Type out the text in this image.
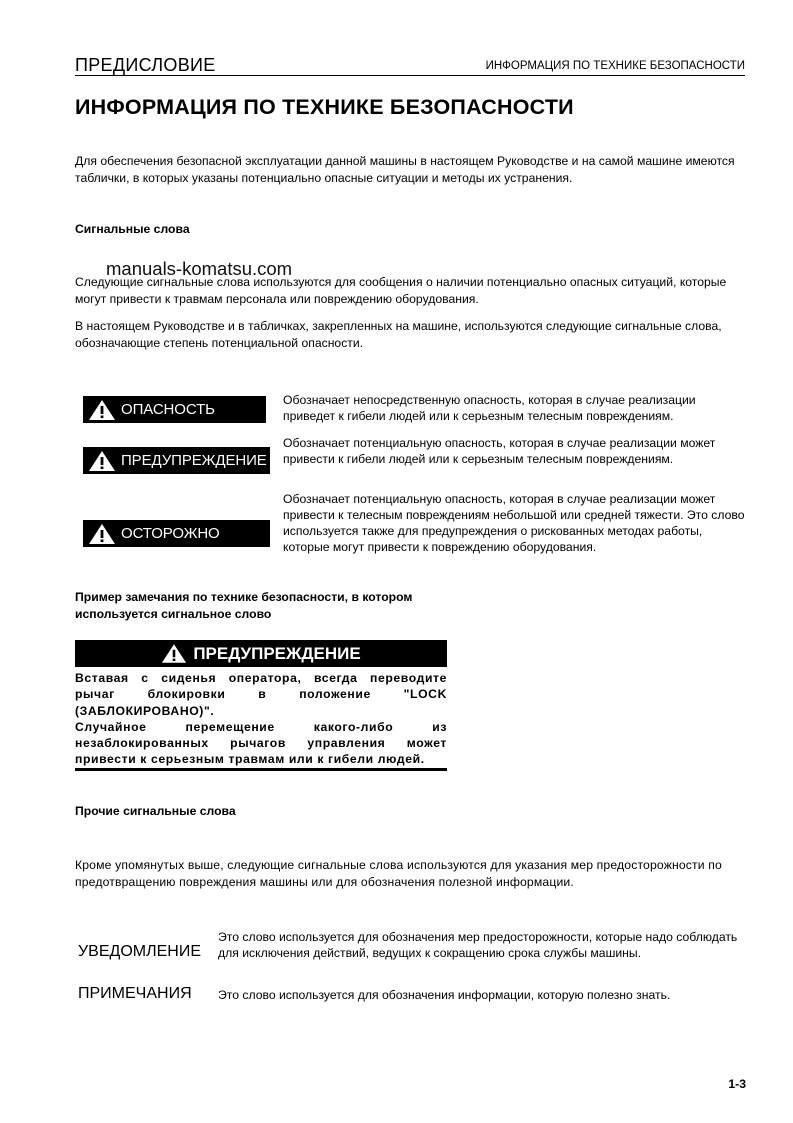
ПРЕДИСЛОВИЕ	ИНФОРМАЦИЯ ПО ТЕХНИКЕ БЕЗОПАСНОСТИ
ИНФОРМАЦИЯ ПО ТЕХНИКЕ БЕЗОПАСНОСТИ
Для обеспечения безопасной эксплуатации данной машины в настоящем Руководстве и на самой машине имеются таблички, в которых указаны потенциально опасные ситуации и методы их устранения.
Сигнальные слова
Следующие сигнальные слова используются для сообщения о наличии потенциально опасных ситуаций, которые могут привести к травмам персонала или повреждению оборудования.
manuals-komatsu.com
В настоящем Руководстве и в табличках, закрепленных на машине, используются следующие сигнальные слова, обозначающие степень потенциальной опасности.
ОПАСНОСТЬ
Обозначает непосредственную опасность, которая в случае реализации приведет к гибели людей или к серьезным телесным повреждениям.
ПРЕДУПРЕЖДЕНИЕ
Обозначает потенциальную опасность, которая в случае реализации может привести к гибели людей или к серьезным телесным повреждениям.
ОСТОРОЖНО
Обозначает потенциальную опасность, которая в случае реализации может привести к телесным повреждениям небольшой или средней тяжести. Это слово используется также для предупреждения о рискованных методах работы, которые могут привести к повреждению оборудования.
Пример замечания по технике безопасности, в котором используется сигнальное слово
ПРЕДУПРЕЖДЕНИЕ
Вставая с сиденья оператора, всегда переводите рычаг блокировки в положение "LOCK (ЗАБЛОКИРОВАНО)".
Случайное перемещение какого-либо из незаблокированных рычагов управления может привести к серьезным травмам или к гибели людей.
Прочие сигнальные слова
Кроме упомянутых выше, следующие сигнальные слова используются для указания мер предосторожности по предотвращению повреждения машины или для обозначения полезной информации.
УВЕДОМЛЕНИЕ
Это слово используется для обозначения мер предосторожности, которые надо соблюдать для исключения действий, ведущих к сокращению срока службы машины.
ПРИМЕЧАНИЯ Это слово используется для обозначения информации, которую полезно знать.
1-3
